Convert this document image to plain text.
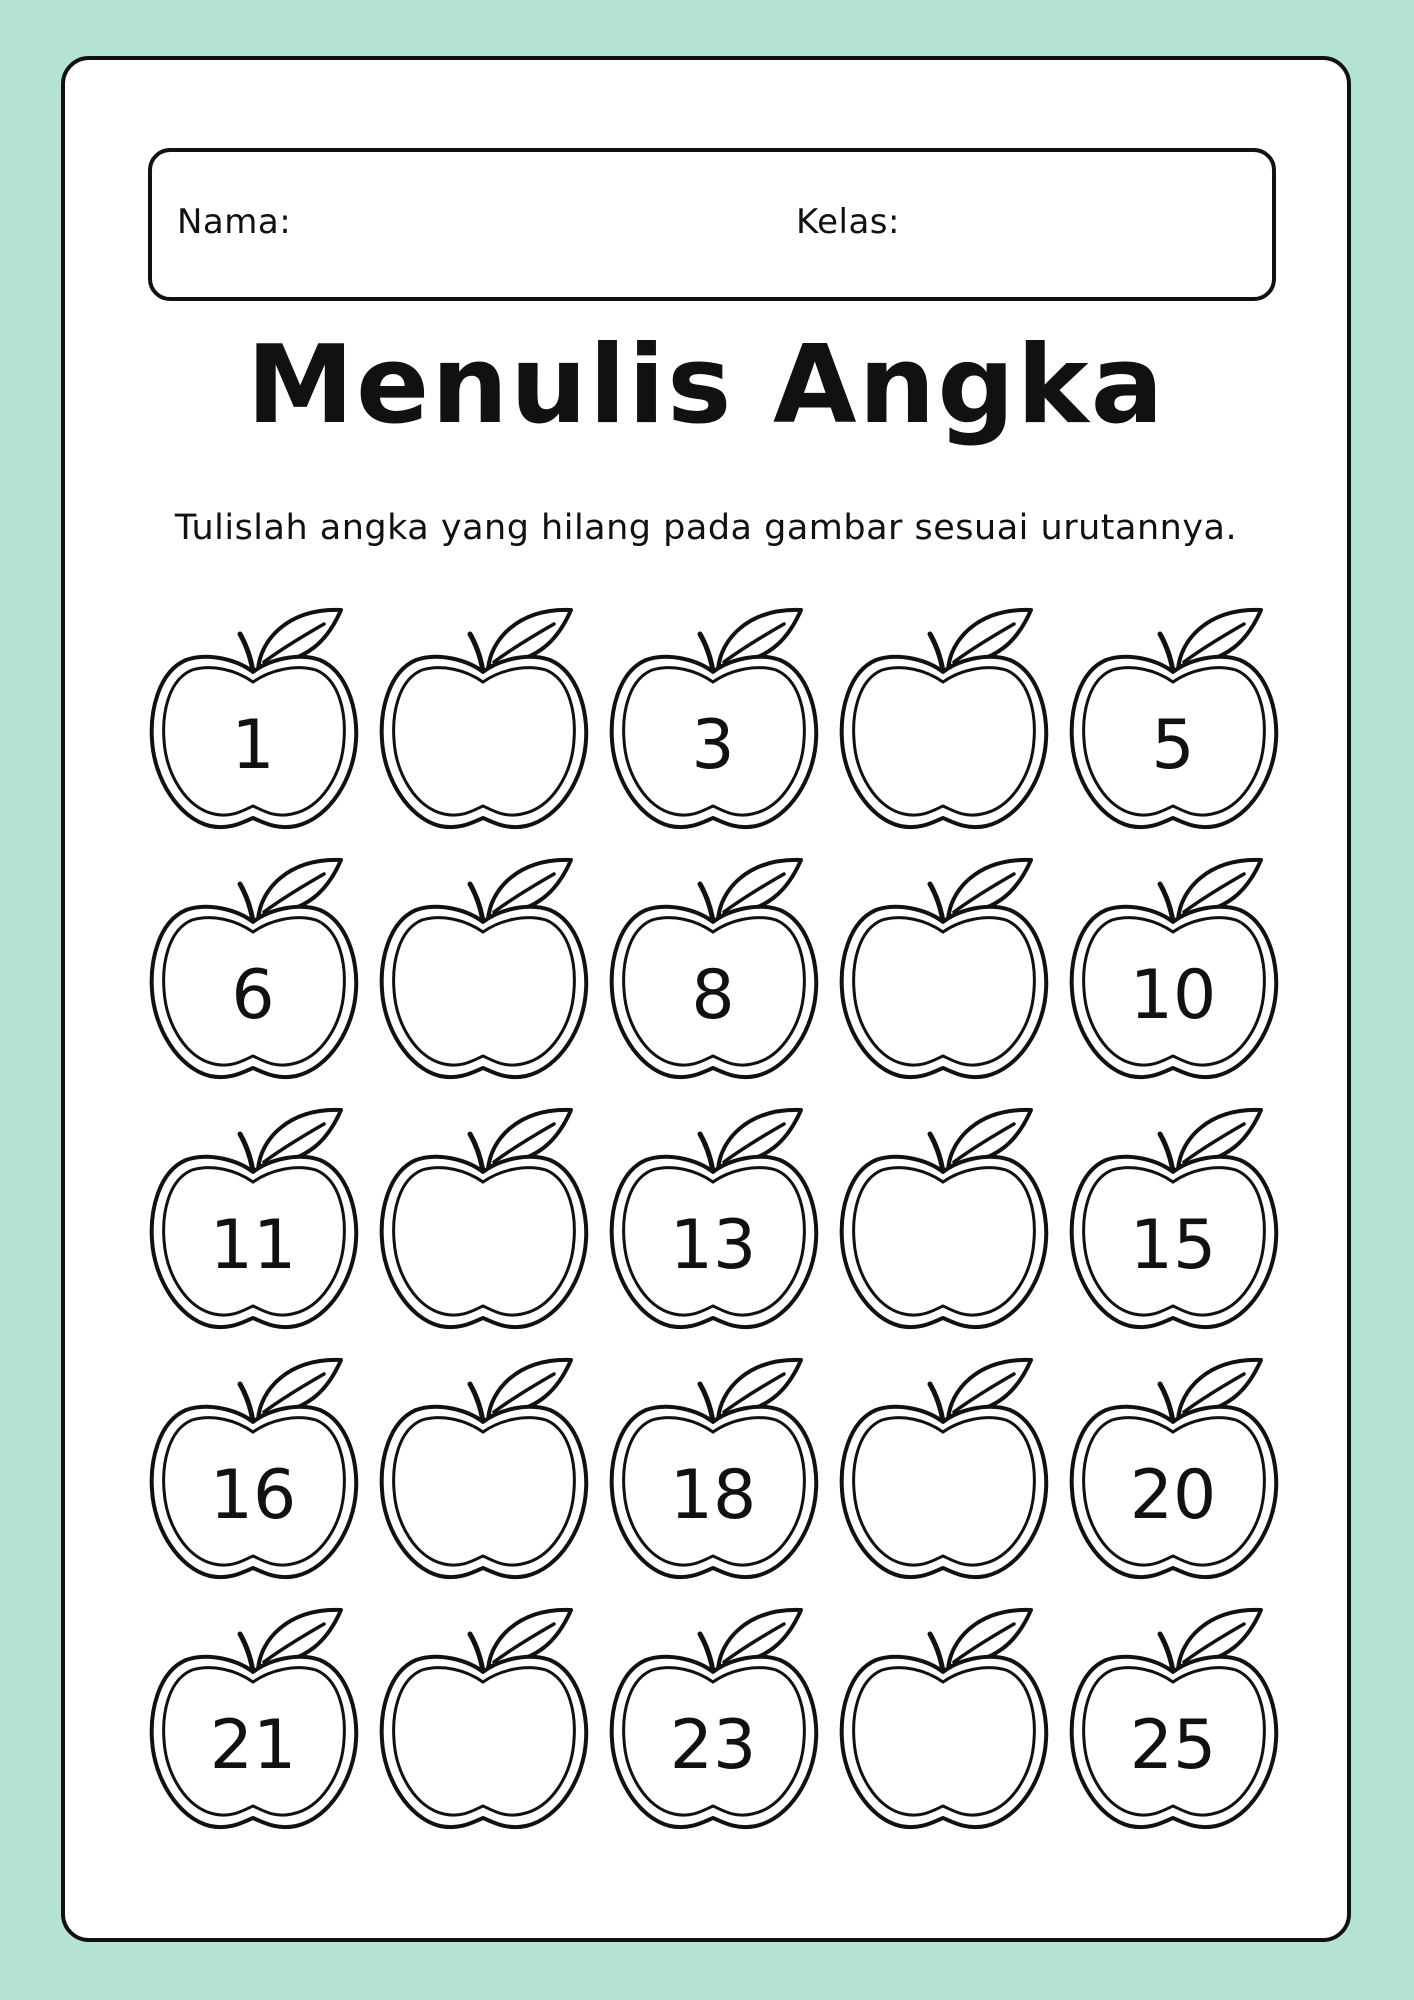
Nama:	Kelas:
Menulis Angka
Tulislah angka yang hilang pada gambar sesuai urutannya.
1	3	5
6	8	10
11	13	15
16	18	20
21	23	25
